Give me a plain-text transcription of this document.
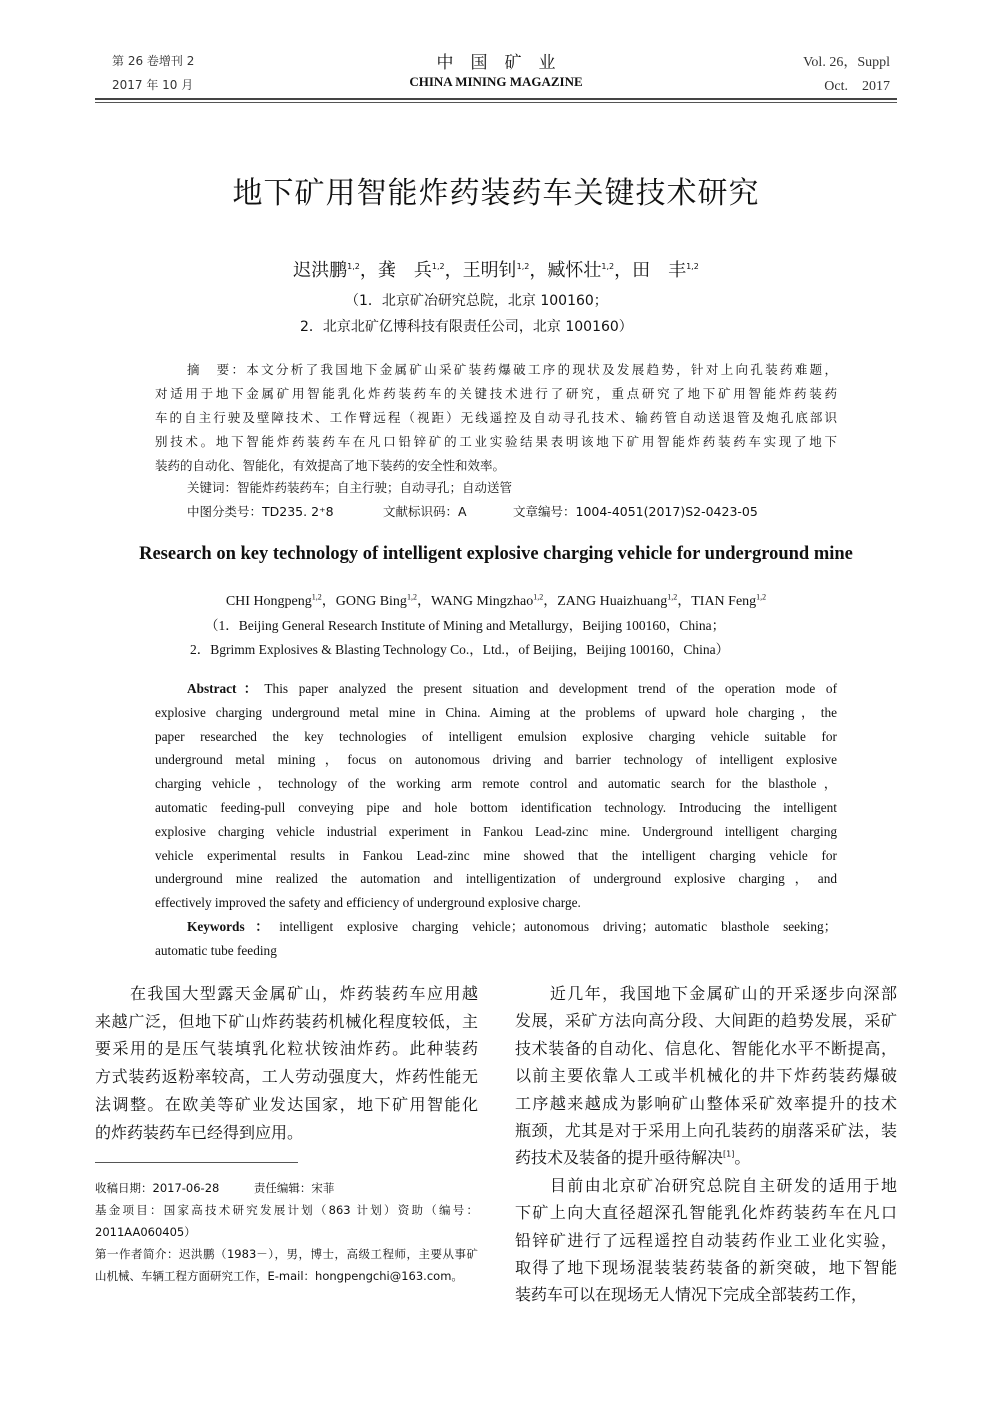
第 26 卷增刊 2
2017 年 10 月
中　国　矿　业
CHINA MINING MAGAZINE
Vol. 26，Suppl
Oct.　2017
地下矿用智能炸药装药车关键技术研究
迟洪鹏$^{1,2}$，龚　兵$^{1,2}$，王明钊$^{1,2}$，臧怀壮$^{1,2}$，田　丰$^{1,2}$
（1．北京矿冶研究总院，北京 100160；
2．北京北矿亿博科技有限责任公司，北京 100160）
摘　要：本文分析了我国地下金属矿山采矿装药爆破工序的现状及发展趋势，针对上向孔装药难题，
对适用于地下金属矿用智能乳化炸药装药车的关键技术进行了研究，重点研究了地下矿用智能炸药装药
车的自主行驶及壁障技术、工作臂远程（视距）无线遥控及自动寻孔技术、输药管自动送退管及炮孔底部识
别技术。地下智能炸药装药车在凡口铅锌矿的工业实验结果表明该地下矿用智能炸药装药车实现了地下
装药的自动化、智能化，有效提高了地下装药的安全性和效率。
关键词：智能炸药装药车；自主行驶；自动寻孔；自动送管
中图分类号：TD235. 2⁺8	文献标识码：A	文章编号：1004-4051(2017)S2-0423-05
Research on key technology of intelligent explosive charging vehicle for underground mine
CHI Hongpeng$^{1,2}$，GONG Bing$^{1,2}$，WANG Mingzhao$^{1,2}$，ZANG Huaizhuang$^{1,2}$，TIAN Feng$^{1,2}$
（1．Beijing General Research Institute of Mining and Metallurgy，Beijing 100160，China；
2．Bgrimm Explosives & Blasting Technology Co.，Ltd.，of Beijing，Beijing 100160，China）
Abstract：This paper analyzed the present situation and development trend of the operation mode of
explosive charging underground metal mine in China. Aiming at the problems of upward hole charging，the
paper researched the key technologies of intelligent emulsion explosive charging vehicle suitable for
underground metal mining，focus on autonomous driving and barrier technology of intelligent explosive
charging vehicle，technology of the working arm remote control and automatic search for the blasthole，
automatic feeding-pull conveying pipe and hole bottom identification technology. Introducing the intelligent
explosive charging vehicle industrial experiment in Fankou Lead-zinc mine. Underground intelligent charging
vehicle experimental results in Fankou Lead-zinc mine showed that the intelligent charging vehicle for
underground mine realized the automation and intelligentization of underground explosive charging，and
effectively improved the safety and efficiency of underground explosive charge.
Keywords：intelligent explosive charging vehicle；autonomous driving；automatic blasthole seeking；
automatic tube feeding
　　在我国大型露天金属矿山，炸药装药车应用越
来越广泛，但地下矿山炸药装药机械化程度较低，主
要采用的是压气装填乳化粒状铵油炸药。此种装药
方式装药返粉率较高，工人劳动强度大，炸药性能无
法调整。在欧美等矿业发达国家，地下矿用智能化
的炸药装药车已经得到应用。
　　近几年，我国地下金属矿山的开采逐步向深部
发展，采矿方法向高分段、大间距的趋势发展，采矿
技术装备的自动化、信息化、智能化水平不断提高，
以前主要依靠人工或半机械化的井下炸药装药爆破
工序越来越成为影响矿山整体采矿效率提升的技术
瓶颈，尤其是对于采用上向孔装药的崩落采矿法，装
药技术及装备的提升亟待解决[1]。
　　目前由北京矿冶研究总院自主研发的适用于地
下矿上向大直径超深孔智能乳化炸药装药车在凡口
铅锌矿进行了远程遥控自动装药作业工业化实验，
取得了地下现场混装装药装备的新突破，地下智能
装药车可以在现场无人情况下完成全部装药工作，
收稿日期：2017-06-28　　　责任编辑：宋菲
基金项目：国家高技术研究发展计划（863 计划）资助（编号：
2011AA060405）
第一作者简介：迟洪鹏（1983－），男，博士，高级工程师，主要从事矿
山机械、车辆工程方面研究工作，E-mail：hongpengchi@163.com。
